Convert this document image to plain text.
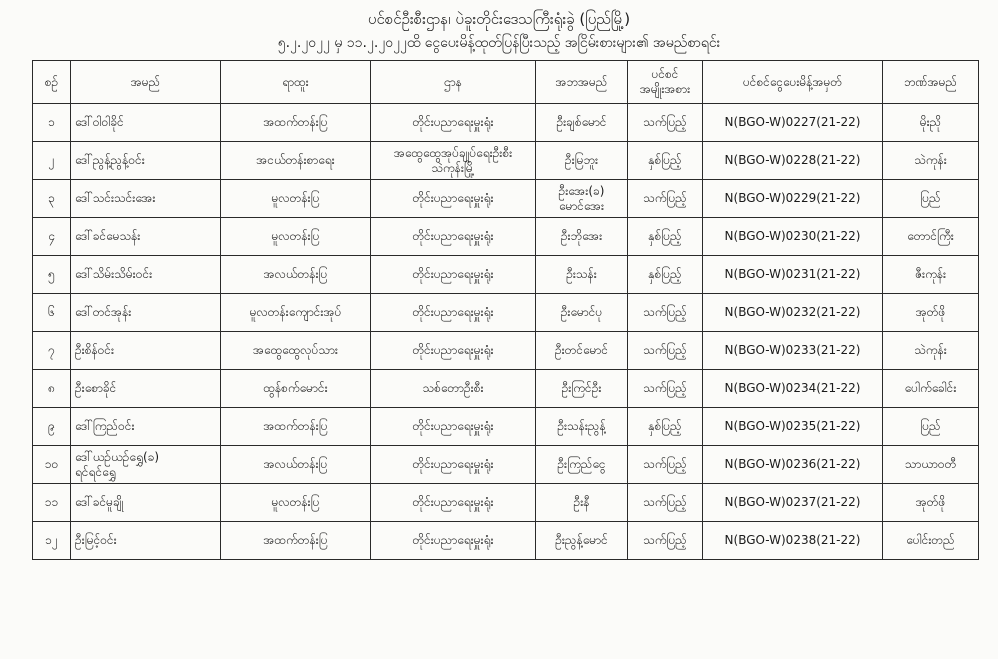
ပင်စင်ဦးစီးဌာန၊ ပဲခူးတိုင်းဒေသကြီးရုံးခွဲ (ပြည်မြို့)
၅.၂.၂၀၂၂ မှ ၁၁.၂.၂၀၂၂ထိ ငွေပေးမိန့်ထုတ်ပြန်ပြီးသည့် အငြိမ်းစားများ၏ အမည်စာရင်း
စဉ်	အမည်	ရာထူး	ဌာန	အဘအမည်	ပင်စင်
အမျိုးအစား	ပင်စင်ငွေပေးမိန့်အမှတ်	ဘဏ်အမည်
၁	ဒေါ်ဝါဝါခိုင်	အထက်တန်းပြ	တိုင်းပညာရေးမှူးရုံး	ဦးချစ်မောင်	သက်ပြည့်	N(BGO-W)0227(21-22)	မိုးညို
၂	ဒေါ်ညွန့်ညွန့်ဝင်း	အငယ်တန်းစာရေး	အထွေထွေအုပ်ချုပ်ရေးဦးစီး
သဲကုန်းမြို့	ဦးမြဘူး	နှစ်ပြည့်	N(BGO-W)0228(21-22)	သဲကုန်း
၃	ဒေါ်သင်းသင်းအေး	မူလတန်းပြ	တိုင်းပညာရေးမှူးရုံး	ဦးအေး(ခ)
မောင်အေး	သက်ပြည့်	N(BGO-W)0229(21-22)	ပြည်
၄	ဒေါ်ခင်မေသန်း	မူလတန်းပြ	တိုင်းပညာရေးမှူးရုံး	ဦးဘိုအေး	နှစ်ပြည့်	N(BGO-W)0230(21-22)	တောင်ကြီး
၅	ဒေါ်သိမ်းသိမ်းဝင်း	အလယ်တန်းပြ	တိုင်းပညာရေးမှူးရုံး	ဦးသန်း	နှစ်ပြည့်	N(BGO-W)0231(21-22)	ဇီးကုန်း
၆	ဒေါ်တင်အုန်း	မူလတန်းကျောင်းအုပ်	တိုင်းပညာရေးမှူးရုံး	ဦးမောင်ပု	သက်ပြည့်	N(BGO-W)0232(21-22)	အုတ်ဖို
၇	ဦးစိန်ဝင်း	အထွေထွေလုပ်သား	တိုင်းပညာရေးမှူးရုံး	ဦးတင်မောင်	သက်ပြည့်	N(BGO-W)0233(21-22)	သဲကုန်း
၈	ဦးစောခိုင်	ထွန်စက်မောင်း	သစ်တောဦးစီး	ဦးကြင်ဦး	သက်ပြည့်	N(BGO-W)0234(21-22)	ပေါက်ခေါင်း
၉	ဒေါ်ကြည်ဝင်း	အထက်တန်းပြ	တိုင်းပညာရေးမှူးရုံး	ဦးသန်းညွန့်	နှစ်ပြည့်	N(BGO-W)0235(21-22)	ပြည်
၁၀	ဒေါ်ယဉ်ယဉ်ရွှေ(ခ)
ရင်ရင်ရွှေ	အလယ်တန်းပြ	တိုင်းပညာရေးမှူးရုံး	ဦးကြည်ငွေ	သက်ပြည့်	N(BGO-W)0236(21-22)	သာယာဝတီ
၁၁	ဒေါ်ခင်မူချို	မူလတန်းပြ	တိုင်းပညာရေးမှူးရုံး	ဦးနီ	သက်ပြည့်	N(BGO-W)0237(21-22)	အုတ်ဖို
၁၂	ဦးမြင့်ဝင်း	အထက်တန်းပြ	တိုင်းပညာရေးမှူးရုံး	ဦးညွန့်မောင်	သက်ပြည့်	N(BGO-W)0238(21-22)	ပေါင်းတည်
